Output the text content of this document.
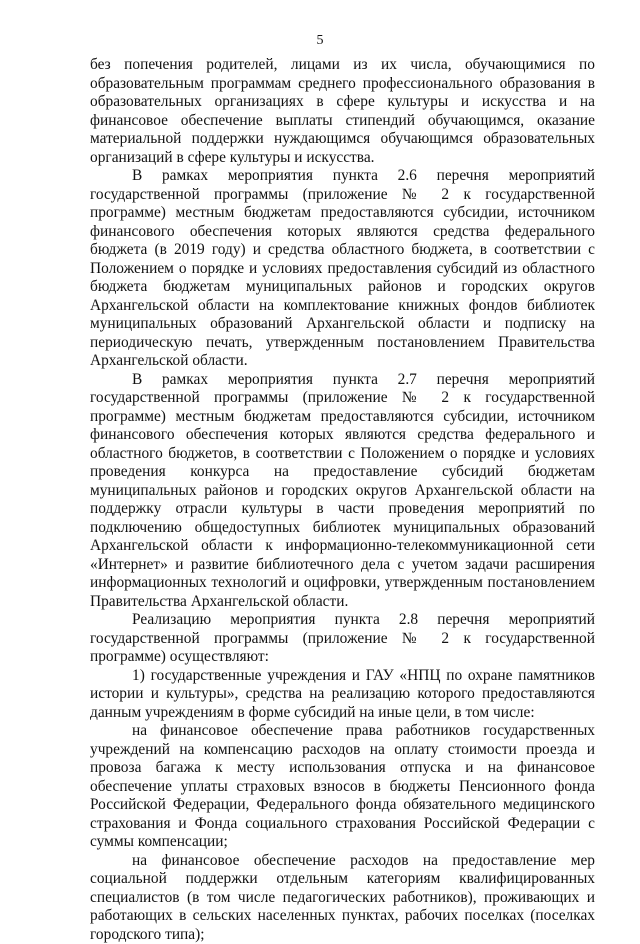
5

без попечения родителей, лицами из их числа, обучающимися по образовательным программам среднего профессионального образования в образовательных организациях в сфере культуры и искусства и на финансовое обеспечение выплаты стипендий обучающимся, оказание материальной поддержки нуждающимся обучающимся образовательных организаций в сфере культуры и искусства.

В рамках мероприятия пункта 2.6 перечня мероприятий государственной программы (приложение № 2 к государственной программе) местным бюджетам предоставляются субсидии, источником финансового обеспечения которых являются средства федерального бюджета (в 2019 году) и средства областного бюджета, в соответствии с Положением о порядке и условиях предоставления субсидий из областного бюджета бюджетам муниципальных районов и городских округов Архангельской области на комплектование книжных фондов библиотек муниципальных образований Архангельской области и подписку на периодическую печать, утвержденным постановлением Правительства Архангельской области.

В рамках мероприятия пункта 2.7 перечня мероприятий государственной программы (приложение № 2 к государственной программе) местным бюджетам предоставляются субсидии, источником финансового обеспечения которых являются средства федерального и областного бюджетов, в соответствии с Положением о порядке и условиях проведения конкурса на предоставление субсидий бюджетам муниципальных районов и городских округов Архангельской области на поддержку отрасли культуры в части проведения мероприятий по подключению общедоступных библиотек муниципальных образований Архангельской области к информационно-телекоммуникационной сети «Интернет» и развитие библиотечного дела с учетом задачи расширения информационных технологий и оцифровки, утвержденным постановлением Правительства Архангельской области.

Реализацию мероприятия пункта 2.8 перечня мероприятий государственной программы (приложение № 2 к государственной программе) осуществляют:

1) государственные учреждения и ГАУ «НПЦ по охране памятников истории и культуры», средства на реализацию которого предоставляются данным учреждениям в форме субсидий на иные цели, в том числе:

на финансовое обеспечение права работников государственных учреждений на компенсацию расходов на оплату стоимости проезда и провоза багажа к месту использования отпуска и на финансовое обеспечение уплаты страховых взносов в бюджеты Пенсионного фонда Российской Федерации, Федерального фонда обязательного медицинского страхования и Фонда социального страхования Российской Федерации с суммы компенсации;

на финансовое обеспечение расходов на предоставление мер социальной поддержки отдельным категориям квалифицированных специалистов (в том числе педагогических работников), проживающих и работающих в сельских населенных пунктах, рабочих поселках (поселках городского типа);
